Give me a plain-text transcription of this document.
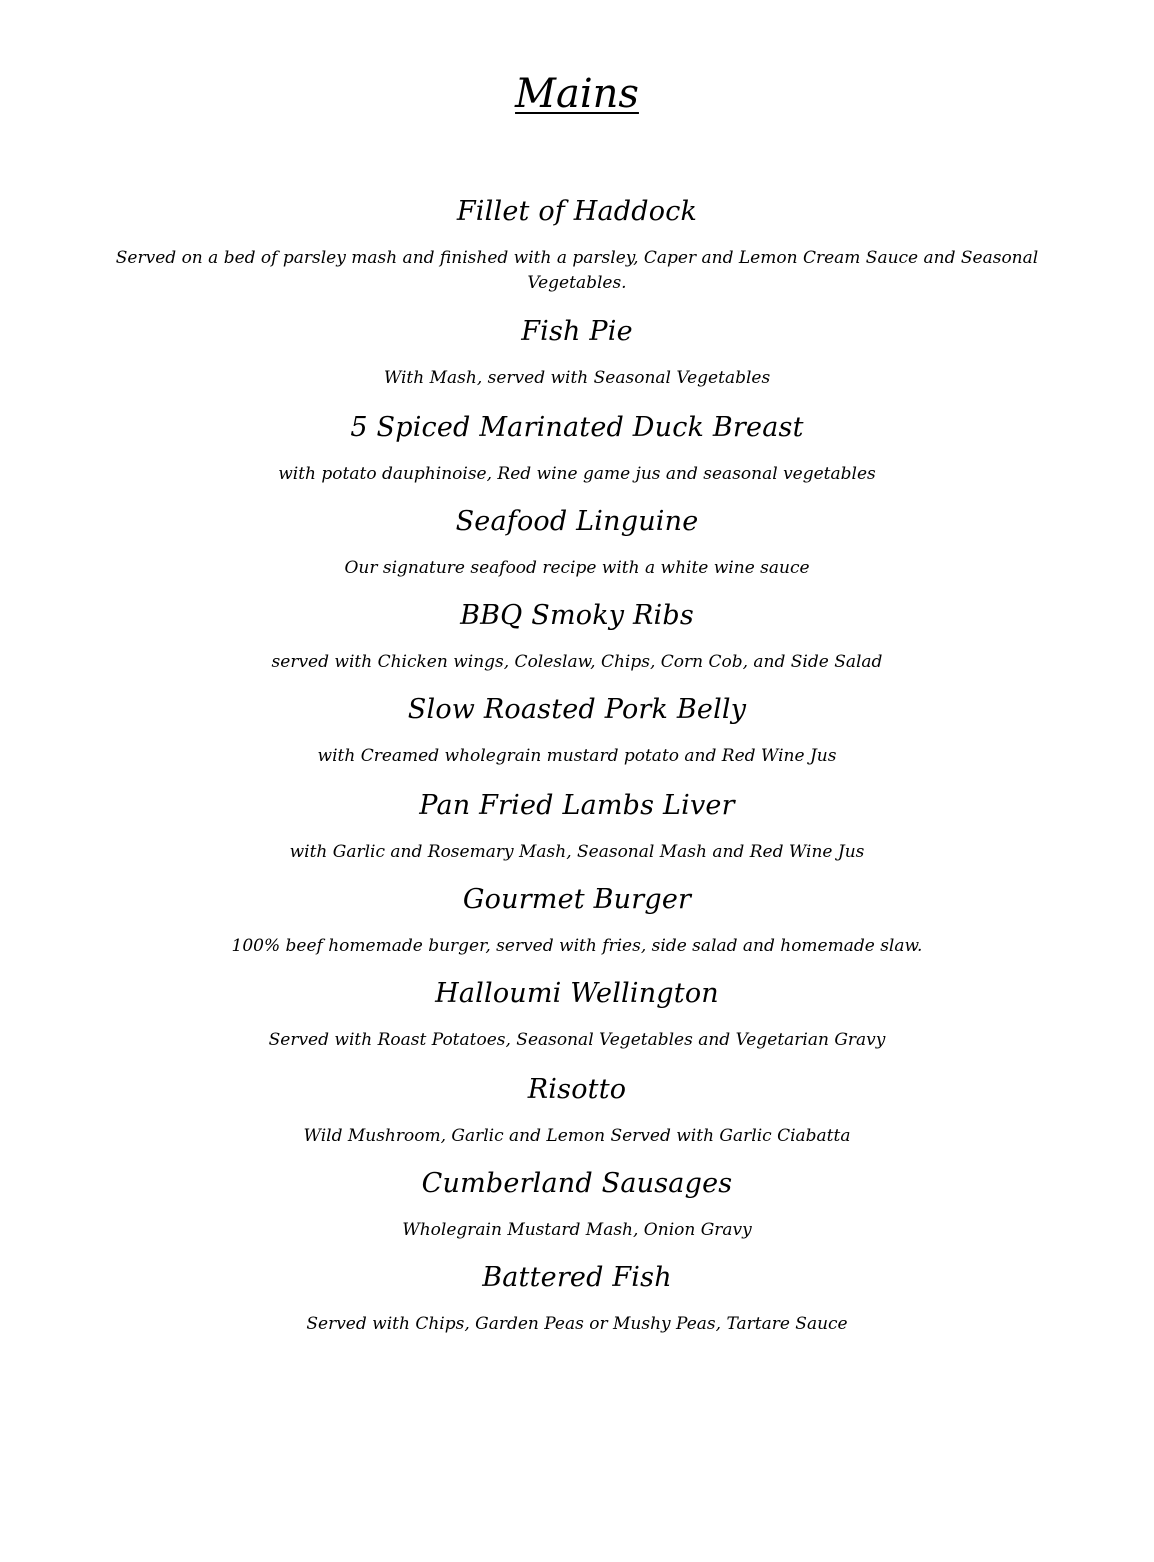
Mains
Fillet of Haddock

Served on a bed of parsley mash and finished with a parsley, Caper and Lemon Cream Sauce and Seasonal Vegetables.

Fish Pie

With Mash, served with Seasonal Vegetables

5 Spiced Marinated Duck Breast

with potato dauphinoise, Red wine game jus and seasonal vegetables

Seafood Linguine

Our signature seafood recipe with a white wine sauce

BBQ Smoky Ribs

served with Chicken wings, Coleslaw, Chips, Corn Cob, and Side Salad

Slow Roasted Pork Belly

with Creamed wholegrain mustard potato and Red Wine Jus

Pan Fried Lambs Liver

with Garlic and Rosemary Mash, Seasonal Mash and Red Wine Jus

Gourmet Burger

100% beef homemade burger, served with fries, side salad and homemade slaw.

Halloumi Wellington

Served with Roast Potatoes, Seasonal Vegetables and Vegetarian Gravy

Risotto

Wild Mushroom, Garlic and Lemon Served with Garlic Ciabatta

Cumberland Sausages

Wholegrain Mustard Mash, Onion Gravy

Battered Fish

Served with Chips, Garden Peas or Mushy Peas, Tartare Sauce
